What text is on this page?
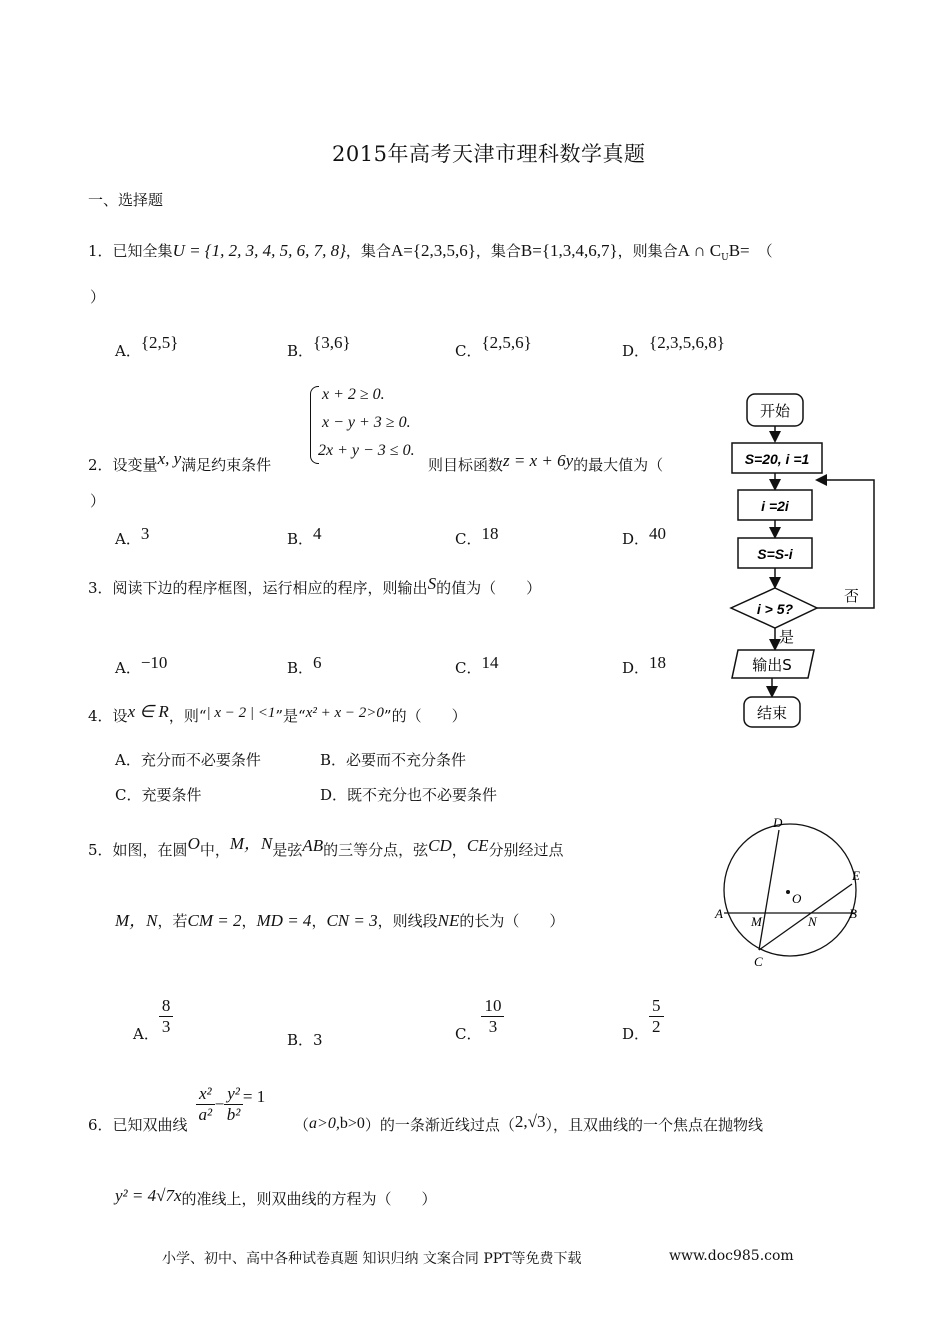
2015年高考天津市理科数学真题
一、选择题
1．已知全集U = {1, 2, 3, 4, 5, 6, 7, 8}，集合A={2,3,5,6}，集合B={1,3,4,6,7}，则集合A ∩ $C_UB=$ （
）
A．{2,5}	B．{3,6}	C．{2,5,6}	D．{2,3,5,6,8}
x + 2 ≥ 0.
x − y + 3 ≥ 0.
2x + y − 3 ≤ 0.
2．设变量x, y满足约束条件	则目标函数z = x + 6y的最大值为（
）
A．3	B．4	C．18	D．40
3．阅读下边的程序框图，运行相应的程序，则输出S的值为（　　）
A．−10	B．6	C．14	D．18
开始
S=20, i =1
i =2i
S=S-i
i > 5?
否
是
输出S
结束
4．设x ∈ R，则“| x − 2 | <1”是“x² + x − 2>0”的（　　）
A．充分而不必要条件	B．必要而不充分条件
C．充要条件	D．既不充分也不必要条件
5．如图，在圆O中，M，N是弦AB的三等分点，弦CD，CE分别经过点
M，N，若CM = 2，MD = 4，CN = 3，则线段NE的长为（　　）
D
E
O
A
M	N
B
C
A． $\frac{8}{3}$
B．3	C． $\frac{10}{3}$	D． $\frac{5}{2}$
6．已知双曲线 $\frac{\text{x²}}{\text{a²}} - \frac{\text{y²}}{\text{b²}} = 1$
（a>0,b>0）的一条渐近线过点（2,√3），且双曲线的一个焦点在抛物线
y² = 4√7x的准线上，则双曲线的方程为（　　）
小学、初中、高中各种试卷真题 知识归纳 文案合同 PPT等免费下载	www.doc985.com
